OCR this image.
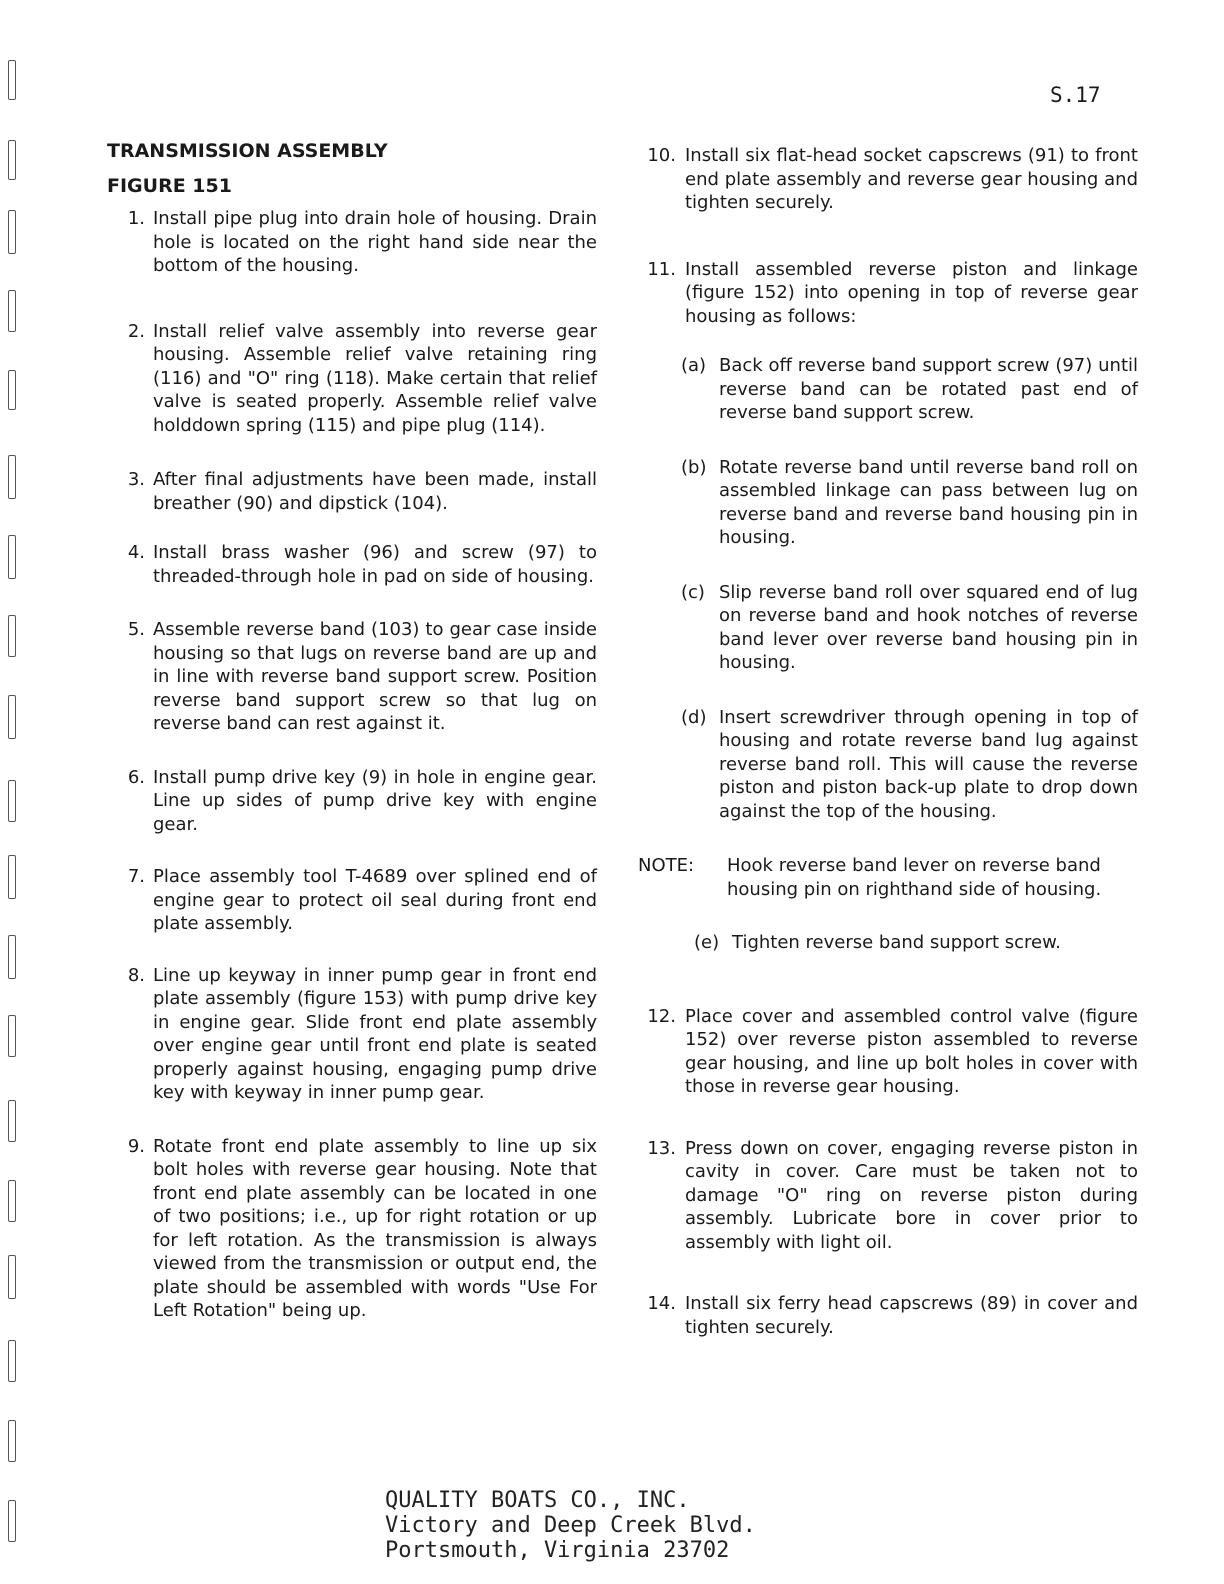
S.17

TRANSMISSION ASSEMBLY

FIGURE 151

1. Install pipe plug into drain hole of housing. Drain hole is located on the right hand side near the bottom of the housing.
2. Install relief valve assembly into reverse gear housing. Assemble relief valve retaining ring (116) and "O" ring (118). Make certain that relief valve is seated properly. Assemble relief valve holddown spring (115) and pipe plug (114).
3. After final adjustments have been made, install breather (90) and dipstick (104).
4. Install brass washer (96) and screw (97) to threaded-through hole in pad on side of housing.
5. Assemble reverse band (103) to gear case inside housing so that lugs on reverse band are up and in line with reverse band support screw. Position reverse band support screw so that lug on reverse band can rest against it.
6. Install pump drive key (9) in hole in engine gear. Line up sides of pump drive key with engine gear.
7. Place assembly tool T-4689 over splined end of engine gear to protect oil seal during front end plate assembly.
8. Line up keyway in inner pump gear in front end plate assembly (figure 153) with pump drive key in engine gear. Slide front end plate assembly over engine gear until front end plate is seated properly against housing, engaging pump drive key with keyway in inner pump gear.
9. Rotate front end plate assembly to line up six bolt holes with reverse gear housing. Note that front end plate assembly can be located in one of two positions; i.e., up for right rotation or up for left rotation. As the transmission is always viewed from the transmission or output end, the plate should be assembled with words "Use For Left Rotation" being up.
10. Install six flat-head socket capscrews (91) to front end plate assembly and reverse gear housing and tighten securely.
11. Install assembled reverse piston and linkage (figure 152) into opening in top of reverse gear housing as follows:
(a) Back off reverse band support screw (97) until reverse band can be rotated past end of reverse band support screw.
(b) Rotate reverse band until reverse band roll on assembled linkage can pass between lug on reverse band and reverse band housing pin in housing.
(c) Slip reverse band roll over squared end of lug on reverse band and hook notches of reverse band lever over reverse band housing pin in housing.
(d) Insert screwdriver through opening in top of housing and rotate reverse band lug against reverse band roll. This will cause the reverse piston and piston back-up plate to drop down against the top of the housing.
NOTE:	Hook reverse band lever on reverse band housing pin on righthand side of housing.
(e) Tighten reverse band support screw.
12. Place cover and assembled control valve (figure 152) over reverse piston assembled to reverse gear housing, and line up bolt holes in cover with those in reverse gear housing.
13. Press down on cover, engaging reverse piston in cavity in cover. Care must be taken not to damage "O" ring on reverse piston during assembly. Lubricate bore in cover prior to assembly with light oil.
14. Install six ferry head capscrews (89) in cover and tighten securely.
QUALITY BOATS CO., INC.
Victory and Deep Creek Blvd.
Portsmouth, Virginia 23702
